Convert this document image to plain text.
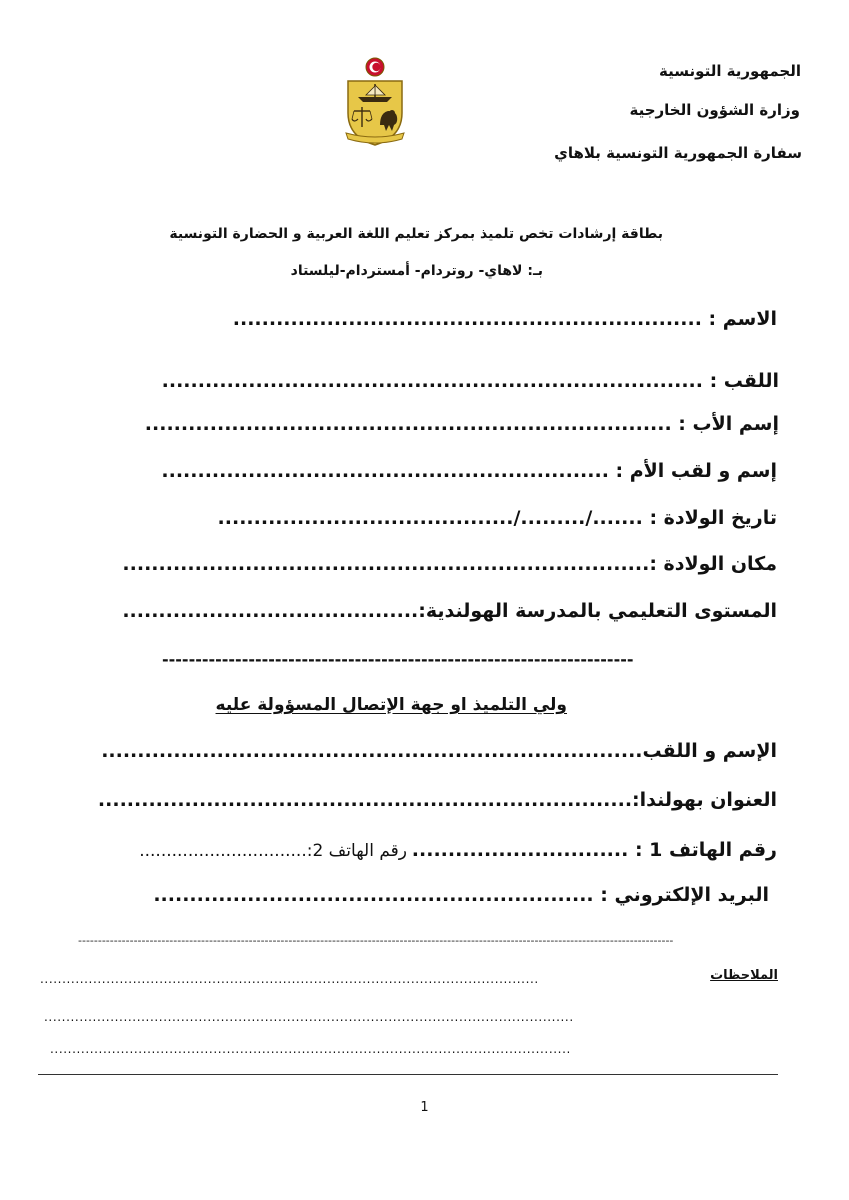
الجمهورية التونسية
وزارة الشؤون الخارجية
سفارة الجمهورية التونسية بلاهاي
بطاقة إرشادات تخص تلميذ بمركز تعليم اللغة العربية و الحضارة التونسية
بـ: لاهاي- روتردام- أمستردام-ليلستاد
الاسم : .................................................................
اللقب : ...........................................................................
إسم الأب : .........................................................................
إسم و لقب الأم : ..............................................................
تاريخ الولادة : ......./........./.........................................
مكان الولادة :.........................................................................
المستوى التعليمي بالمدرسة الهولندية:.........................................
-----------------------------------------------------------------------
ولي التلميذ او جهة الإتصال المسؤولة عليه
الإسم و اللقب...........................................................................
العنوان بهولندا:..........................................................................
رقم الهاتف 1 : ..............................
رقم الهاتف 2:...............................
البريد الإلكتروني : .............................................................
------------------------------------------------------------------------------------------------------------------------------------------------------
الملاحظات
.................................................................................................................
........................................................................................................................
......................................................................................................................
1
